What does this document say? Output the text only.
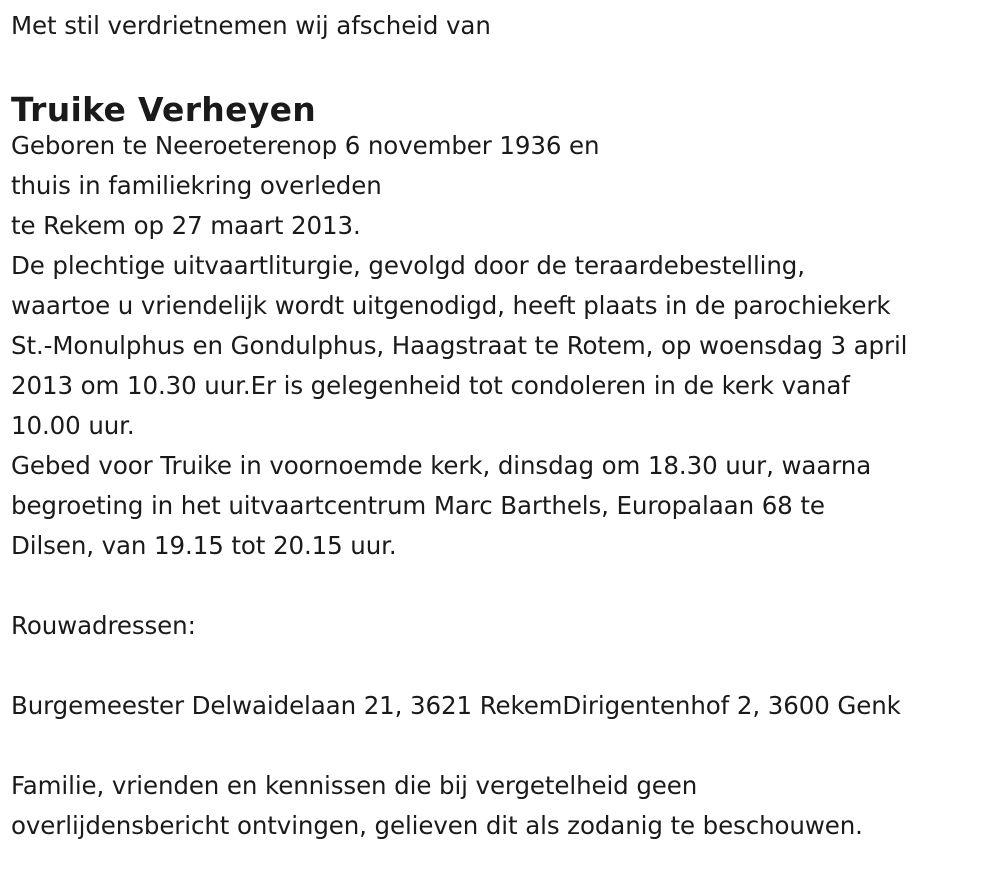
Met stil verdrietnemen wij afscheid van
Truike Verheyen
Geboren te Neeroeterenop 6 november 1936 en
thuis in familiekring overleden
te Rekem op 27 maart 2013.
De plechtige uitvaartliturgie, gevolgd door de teraardebestelling,
waartoe u vriendelijk wordt uitgenodigd, heeft plaats in de parochiekerk
St.-Monulphus en Gondulphus, Haagstraat te Rotem, op woensdag 3 april
2013 om 10.30 uur.Er is gelegenheid tot condoleren in de kerk vanaf
10.00 uur.
Gebed voor Truike in voornoemde kerk, dinsdag om 18.30 uur, waarna
begroeting in het uitvaartcentrum Marc Barthels, Europalaan 68 te
Dilsen, van 19.15 tot 20.15 uur.
Rouwadressen:
Burgemeester Delwaidelaan 21, 3621 RekemDirigentenhof 2, 3600 Genk
Familie, vrienden en kennissen die bij vergetelheid geen
overlijdensbericht ontvingen, gelieven dit als zodanig te beschouwen.
